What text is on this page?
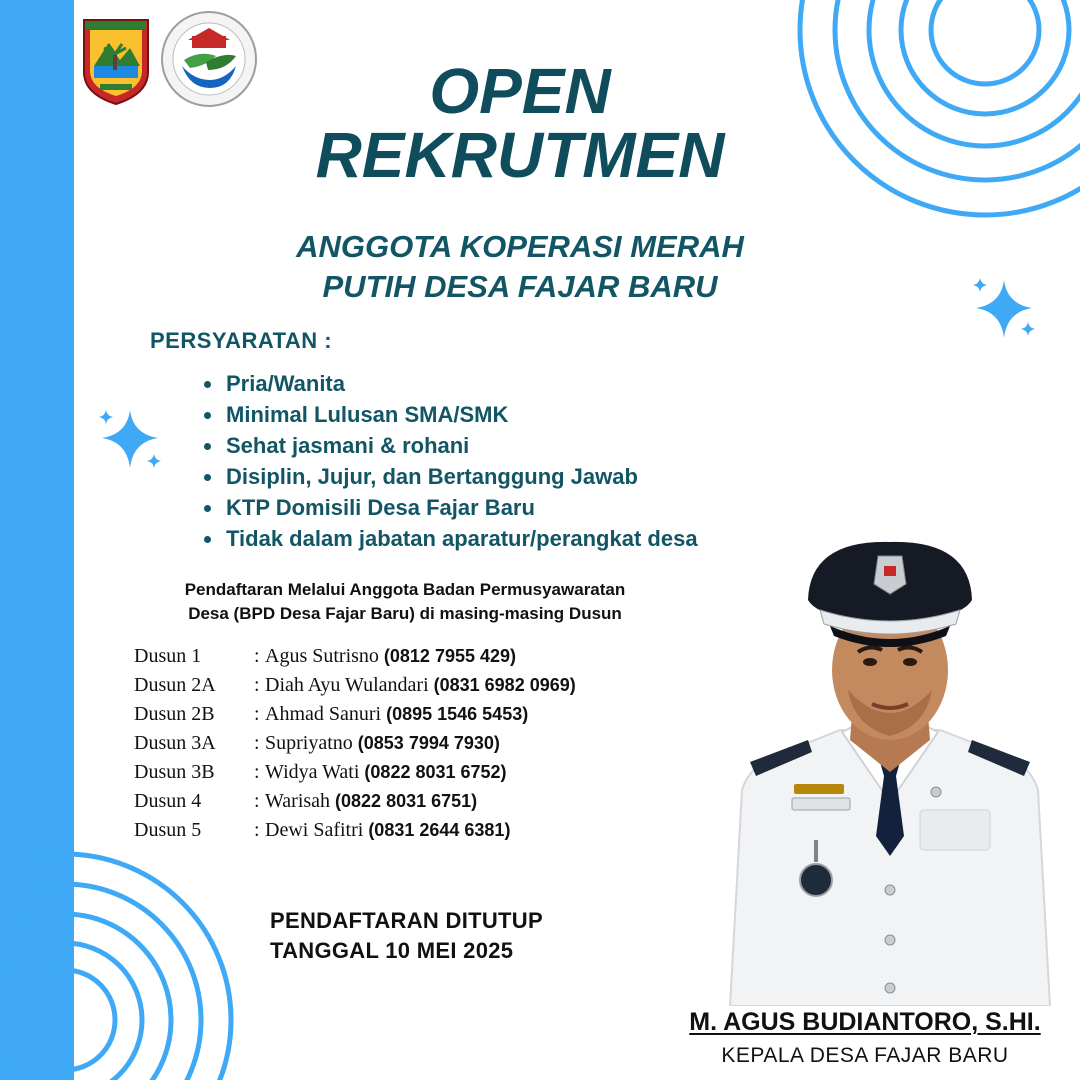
OPEN
REKRUTMEN
ANGGOTA KOPERASI MERAH
PUTIH DESA FAJAR BARU
PERSYARATAN :
Pria/Wanita
Minimal Lulusan SMA/SMK
Sehat jasmani & rohani
Disiplin, Jujur, dan Bertanggung Jawab
KTP Domisili Desa Fajar Baru
Tidak dalam jabatan aparatur/perangkat desa
Pendaftaran Melalui Anggota Badan Permusyawaratan
Desa (BPD Desa Fajar Baru) di masing-masing Dusun
Dusun 1	: Agus Sutrisno (0812 7955 429)
Dusun 2A	: Diah Ayu Wulandari (0831 6982 0969)
Dusun 2B	: Ahmad Sanuri (0895 1546 5453)
Dusun 3A	: Supriyatno (0853 7994 7930)
Dusun 3B	: Widya Wati (0822 8031 6752)
Dusun 4	: Warisah (0822 8031 6751)
Dusun 5	: Dewi Safitri (0831 2644 6381)
PENDAFTARAN DITUTUP
TANGGAL 10 MEI 2025
M. AGUS BUDIANTORO, S.HI.
KEPALA DESA FAJAR BARU
